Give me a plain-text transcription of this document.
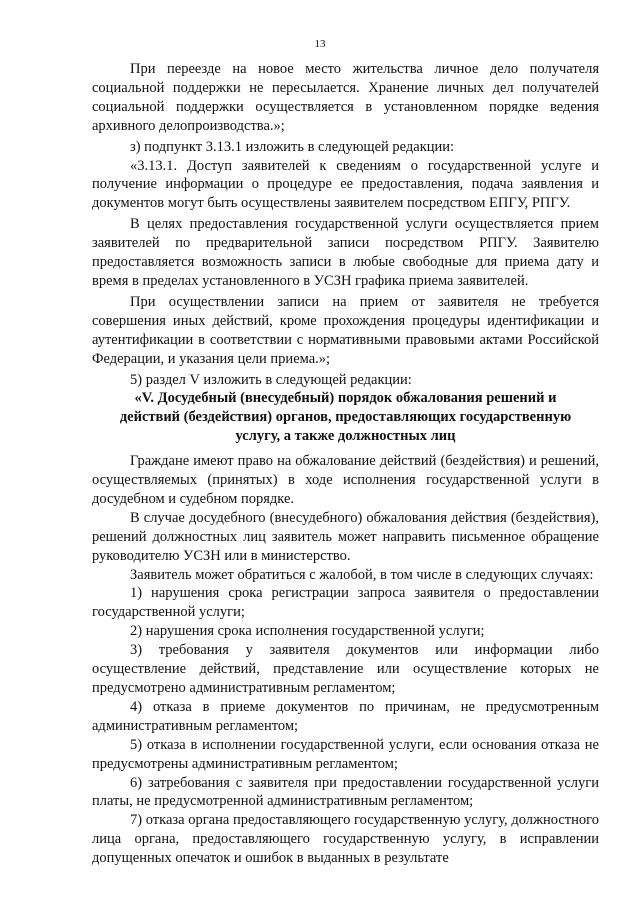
13

При переезде на новое место жительства личное дело получателя социальной поддержки не пересылается. Хранение личных дел получателей социальной поддержки осуществляется в установленном порядке ведения архивного делопроизводства.»;

з) подпункт 3.13.1 изложить в следующей редакции:

«3.13.1. Доступ заявителей к сведениям о государственной услуге и получение информации о процедуре ее предоставления, подача заявления и документов могут быть осуществлены заявителем посредством ЕПГУ, РПГУ.

В целях предоставления государственной услуги осуществляется прием заявителей по предварительной записи посредством РПГУ. Заявителю предоставляется возможность записи в любые свободные для приема дату и время в пределах установленного в УСЗН графика приема заявителей.

При осуществлении записи на прием от заявителя не требуется совершения иных действий, кроме прохождения процедуры идентификации и аутентификации в соответствии с нормативными правовыми актами Российской Федерации, и указания цели приема.»;

5) раздел V изложить в следующей редакции:

«V. Досудебный (внесудебный) порядок обжалования решений и
действий (бездействия) органов, предоставляющих государственную
услугу, а также должностных лиц

Граждане имеют право на обжалование действий (бездействия) и решений, осуществляемых (принятых) в ходе исполнения государственной услуги в досудебном и судебном порядке.

В случае досудебного (внесудебного) обжалования действия (бездействия), решений должностных лиц заявитель может направить письменное обращение руководителю УСЗН или в министерство.

Заявитель может обратиться с жалобой, в том числе в следующих случаях:

1) нарушения срока регистрации запроса заявителя о предоставлении государственной услуги;

2) нарушения срока исполнения государственной услуги;

3) требования у заявителя документов или информации либо осуществление действий, представление или осуществление которых не предусмотрено административным регламентом;

4) отказа в приеме документов по причинам, не предусмотренным административным регламентом;

5) отказа в исполнении государственной услуги, если основания отказа не предусмотрены административным регламентом;

6) затребования с заявителя при предоставлении государственной услуги платы, не предусмотренной административным регламентом;

7) отказа органа предоставляющего государственную услугу, должностного лица органа, предоставляющего государственную услугу, в исправлении допущенных опечаток и ошибок в выданных в результате
